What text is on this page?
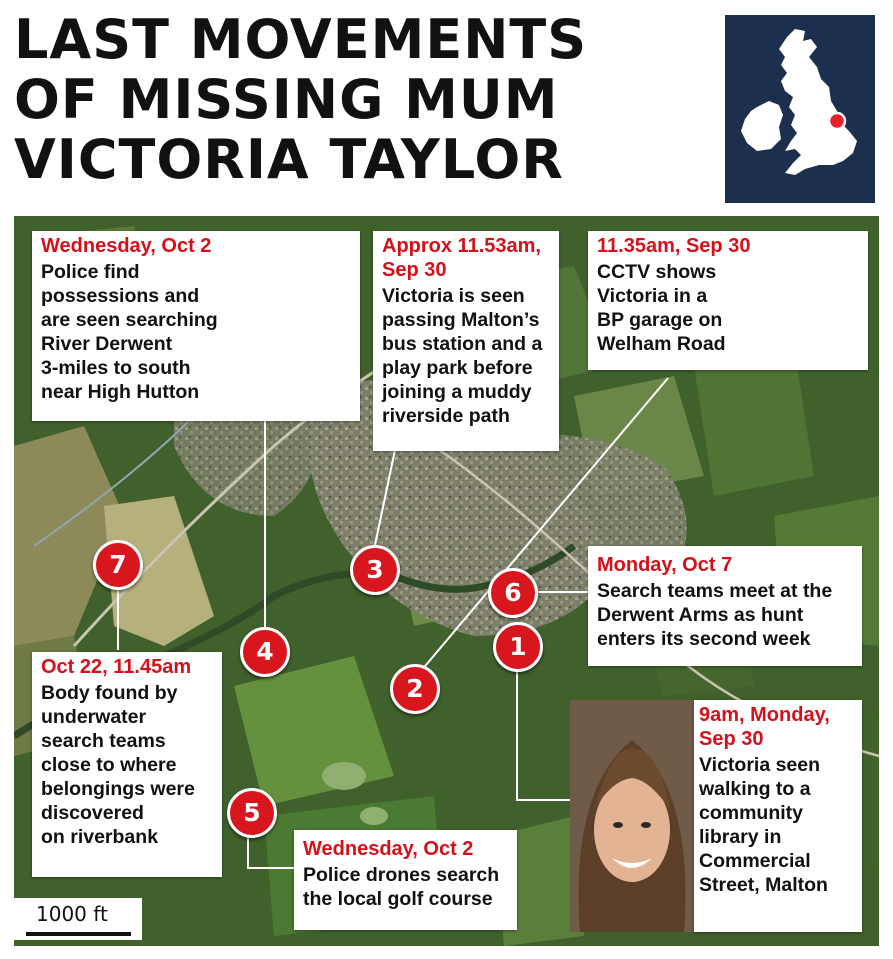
LAST MOVEMENTS
OF MISSING MUM
VICTORIA TAYLOR
Wednesday, Oct 2
Police find
possessions and
are seen searching
River Derwent
3-miles to south
near High Hutton
Approx 11.53am,
Sep 30
Victoria is seen
passing Malton’s
bus station and a
play park before
joining a muddy
riverside path
11.35am, Sep 30
CCTV shows
Victoria in a
BP garage on
Welham Road
Monday, Oct 7
Search teams meet at the
Derwent Arms as hunt
enters its second week
Oct 22, 11.45am
Body found by
underwater
search teams
close to where
belongings were
discovered
on riverbank
Wednesday, Oct 2
Police drones search
the local golf course
9am, Monday,
Sep 30
Victoria seen
walking to a
community
library in
Commercial
Street, Malton
7	3
6
1
4
2
5
1000 ft
